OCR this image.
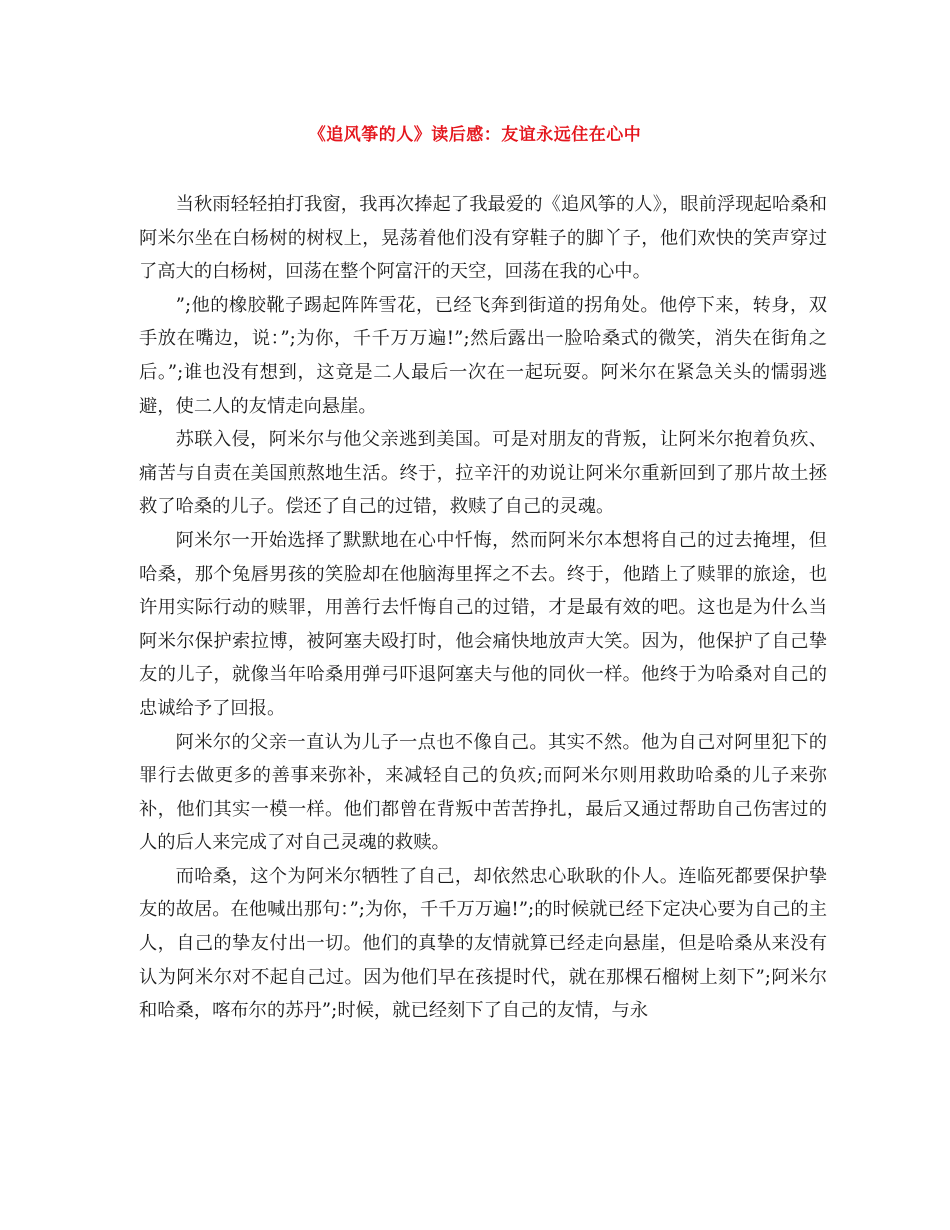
《追风筝的人》读后感：友谊永远住在心中

当秋雨轻轻拍打我窗，我再次捧起了我最爱的《追风筝的人》，眼前浮现起哈桑和阿米尔坐在白杨树的树杈上，晃荡着他们没有穿鞋子的脚丫子，他们欢快的笑声穿过了高大的白杨树，回荡在整个阿富汗的天空，回荡在我的心中。

”;他的橡胶靴子踢起阵阵雪花，已经飞奔到街道的拐角处。他停下来，转身，双手放在嘴边，说：”;为你，千千万万遍!”;然后露出一脸哈桑式的微笑，消失在街角之后。”;谁也没有想到，这竟是二人最后一次在一起玩耍。阿米尔在紧急关头的懦弱逃避，使二人的友情走向悬崖。

苏联入侵，阿米尔与他父亲逃到美国。可是对朋友的背叛，让阿米尔抱着负疚、痛苦与自责在美国煎熬地生活。终于，拉辛汗的劝说让阿米尔重新回到了那片故土拯救了哈桑的儿子。偿还了自己的过错，救赎了自己的灵魂。

阿米尔一开始选择了默默地在心中忏悔，然而阿米尔本想将自己的过去掩埋，但哈桑，那个兔唇男孩的笑脸却在他脑海里挥之不去。终于，他踏上了赎罪的旅途，也许用实际行动的赎罪，用善行去忏悔自己的过错，才是最有效的吧。这也是为什么当阿米尔保护索拉博，被阿塞夫殴打时，他会痛快地放声大笑。因为，他保护了自己挚友的儿子，就像当年哈桑用弹弓吓退阿塞夫与他的同伙一样。他终于为哈桑对自己的忠诚给予了回报。

阿米尔的父亲一直认为儿子一点也不像自己。其实不然。他为自己对阿里犯下的罪行去做更多的善事来弥补，来减轻自己的负疚;而阿米尔则用救助哈桑的儿子来弥补，他们其实一模一样。他们都曾在背叛中苦苦挣扎，最后又通过帮助自己伤害过的人的后人来完成了对自己灵魂的救赎。

而哈桑，这个为阿米尔牺牲了自己，却依然忠心耿耿的仆人。连临死都要保护挚友的故居。在他喊出那句：”;为你，千千万万遍!”;的时候就已经下定决心要为自己的主人，自己的挚友付出一切。他们的真挚的友情就算已经走向悬崖，但是哈桑从来没有认为阿米尔对不起自己过。因为他们早在孩提时代，就在那棵石榴树上刻下”;阿米尔和哈桑，喀布尔的苏丹”;时候，就已经刻下了自己的友情，与永
